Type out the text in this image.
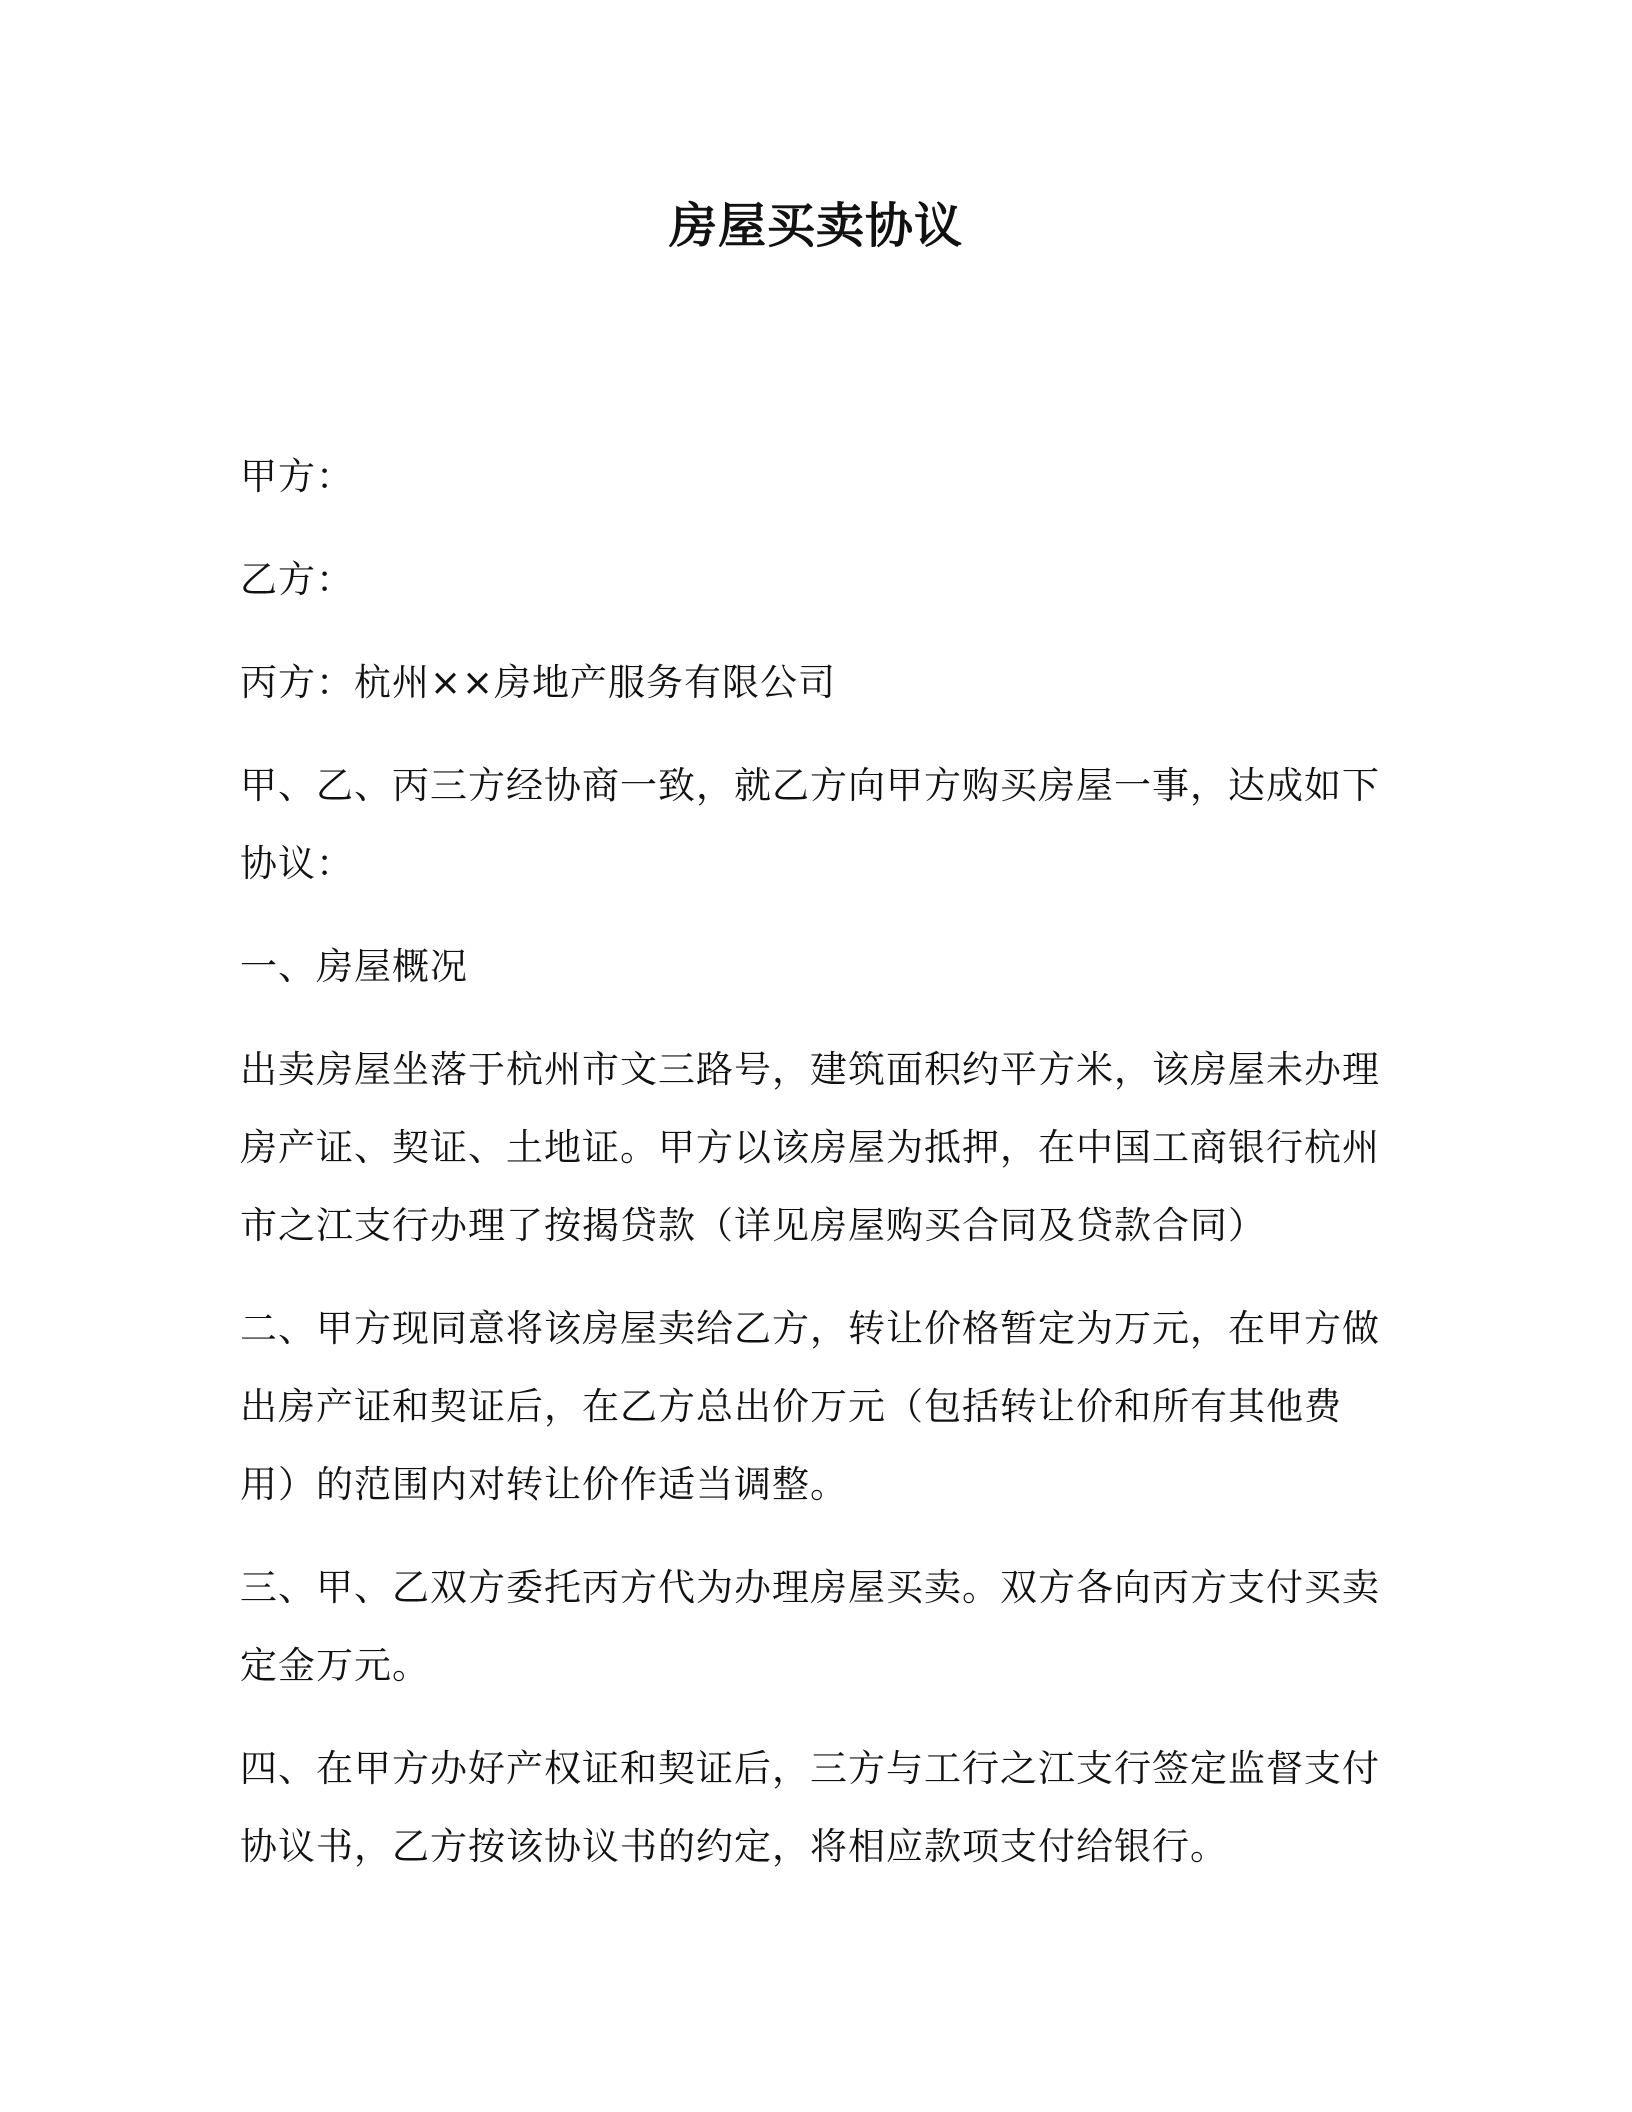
房屋买卖协议

甲方：

乙方：

丙方：杭州××房地产服务有限公司

甲、乙、丙三方经协商一致，就乙方向甲方购买房屋一事，达成如下协议：

一、房屋概况

出卖房屋坐落于杭州市文三路号，建筑面积约平方米，该房屋未办理房产证、契证、土地证。甲方以该房屋为抵押，在中国工商银行杭州市之江支行办理了按揭贷款（详见房屋购买合同及贷款合同）

二、甲方现同意将该房屋卖给乙方，转让价格暂定为万元，在甲方做出房产证和契证后，在乙方总出价万元（包括转让价和所有其他费用）的范围内对转让价作适当调整。

三、甲、乙双方委托丙方代为办理房屋买卖。双方各向丙方支付买卖定金万元。

四、在甲方办好产权证和契证后，三方与工行之江支行签定监督支付协议书，乙方按该协议书的约定，将相应款项支付给银行。
